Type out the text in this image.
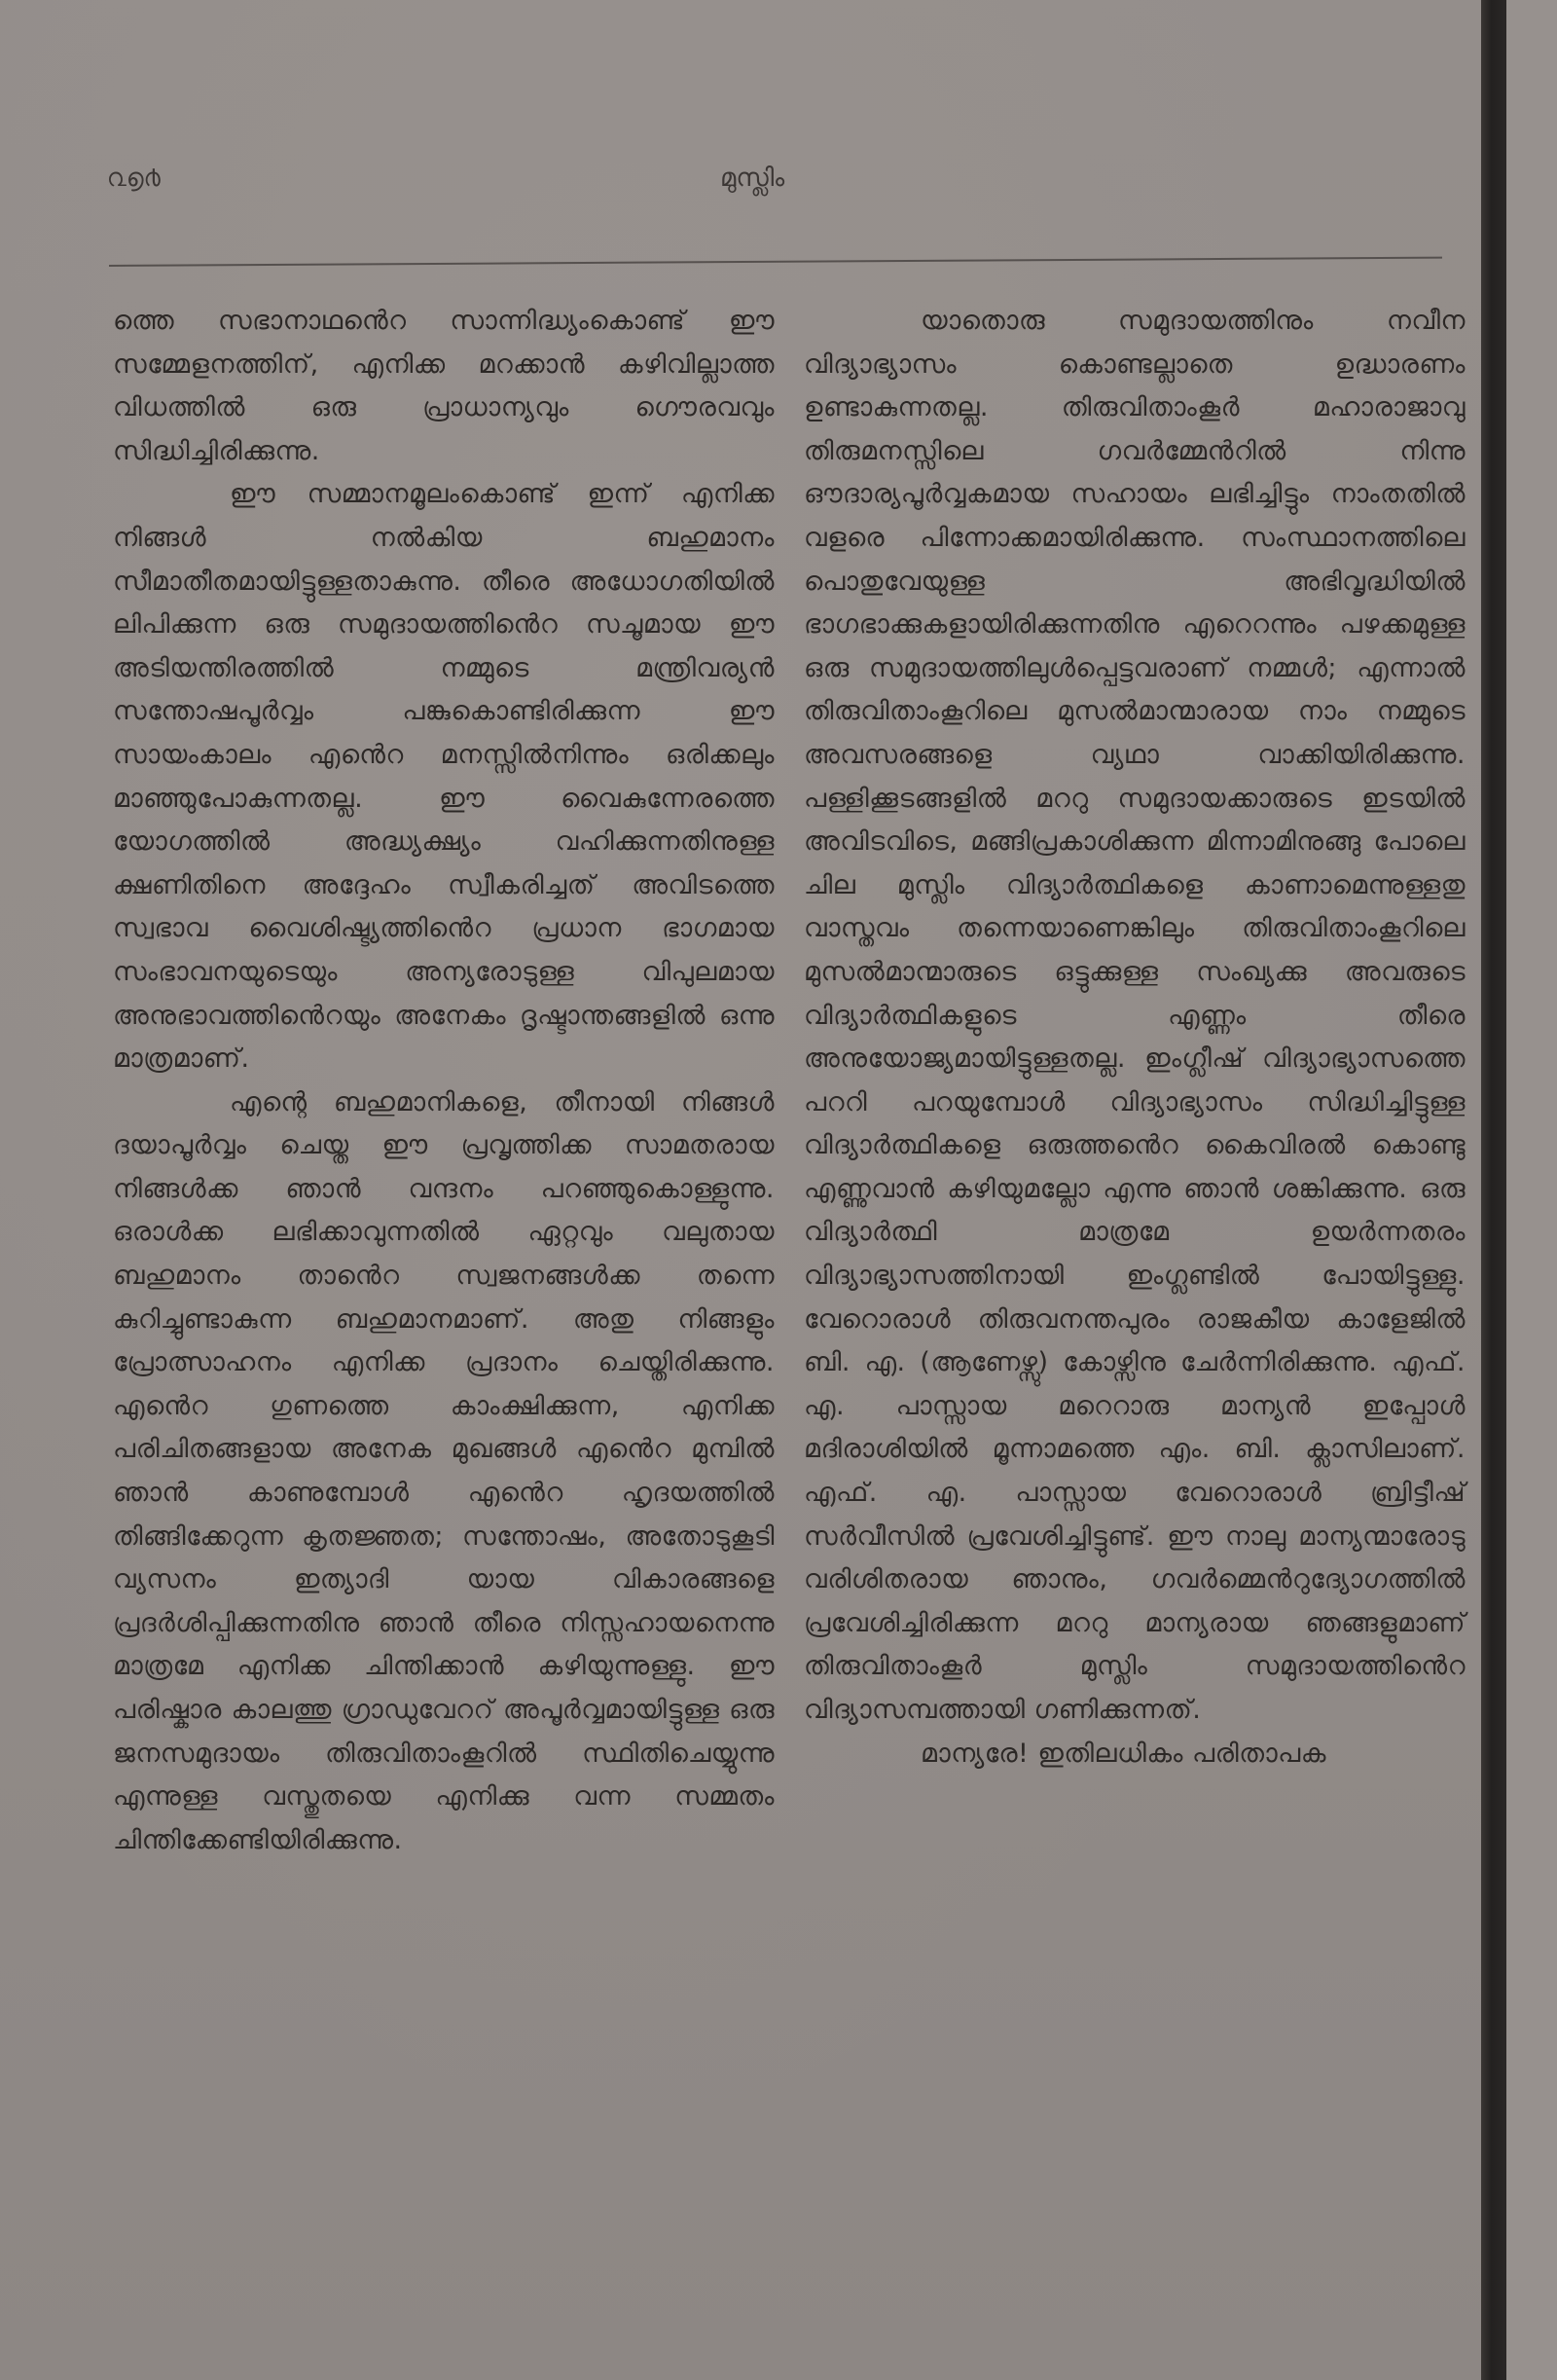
൨൭൪	മുസ്ലിം

ത്തെ സഭാനാഥൻെറ സാന്നിദ്ധ്യംകൊണ്ട് ഈ സമ്മേളനത്തിന്, എനിക്ക മറക്കാൻ കഴിവില്ലാത്ത വിധത്തിൽ ഒരു പ്രാധാന്യവും ഗൌരവവും സിദ്ധിച്ചിരിക്കുന്നു.

ഈ സമ്മാനമൂലംകൊണ്ട് ഇന്ന് എനിക്ക നിങ്ങൾ നൽകിയ ബഹുമാനം സീമാതീതമായിട്ടുള്ളതാകുന്നു. തീരെ അധോഗതിയിൽ ലിപിക്കുന്ന ഒരു സമുദായത്തിൻെറ സചൂമായ ഈ അടിയന്തിരത്തിൽ നമ്മുടെ മന്ത്രിവര്യൻ സന്തോഷപൂർവ്വം പങ്കുകൊണ്ടിരിക്കുന്ന ഈ സായംകാലം എൻെറ മനസ്സിൽനിന്നും ഒരിക്കലും മാഞ്ഞുപോകുന്നതല്ല. ഈ വൈകുന്നേരത്തെ യോഗത്തിൽ അദ്ധ്യക്ഷ്യം വഹിക്കുന്നതിനുള്ള ക്ഷണിതിനെ അദ്ദേഹം സ്വീകരിച്ചത് അവിടത്തെ സ്വഭാവ വൈശിഷ്ട്യത്തിൻെറ പ്രധാന ഭാഗമായ സംഭാവനയുടെയും അന്യരോടുള്ള വിപുലമായ അനുഭാവത്തിൻെറയും അനേകം ദൃഷ്ടാന്തങ്ങളിൽ ഒന്നു മാത്രമാണ്.

എന്റെ ബഹുമാനികളെ, തീനായി നിങ്ങൾ ദയാപൂർവ്വം ചെയ്ത ഈ പ്രവൃത്തിക്ക സാമതരായ നിങ്ങൾക്ക ഞാൻ വന്ദനം പറഞ്ഞുകൊള്ളുന്നു. ഒരാൾക്ക ലഭിക്കാവുന്നതിൽ ഏറ്റവും വലുതായ ബഹുമാനം താൻെറ സ്വജനങ്ങൾക്ക തന്നെ കുറിച്ചുണ്ടാകുന്ന ബഹുമാനമാണ്. അതു നിങ്ങളും പ്രോത്സാഹനം എനിക്ക പ്രദാനം ചെയ്തിരിക്കുന്നു. എൻെറ ഗുണത്തെ കാംക്ഷിക്കുന്ന, എനിക്ക പരിചിതങ്ങളായ അനേക മുഖങ്ങൾ എൻെറ മുമ്പിൽ ഞാൻ കാണുമ്പോൾ എൻെറ ഹൃദയത്തിൽ തിങ്ങിക്കേറുന്ന കൃതജ്ഞത; സന്തോഷം, അതോടുകൂടി വ്യസനം ഇത്യാദി യായ വികാരങ്ങളെ പ്രദർശിപ്പിക്കുന്നതിനു ഞാൻ തീരെ നിസ്സഹായനെന്നു മാത്രമേ എനിക്ക ചിന്തിക്കാൻ കഴിയുന്നുള്ളു. ഈ പരിഷ്കാര കാലത്തു ഗ്രാഡുവേററ് അപൂർവ്വമായിട്ടുള്ള ഒരു ജനസമുദായം തിരുവിതാംകൂറിൽ സ്ഥിതിചെയ്യുന്നു എന്നുള്ള വസ്തുതയെ എനിക്കു വന്ന സമ്മതം ചിന്തിക്കേണ്ടിയിരിക്കുന്നു.

യാതൊരു സമുദായത്തിനും നവീന വിദ്യാഭ്യാസം കൊണ്ടല്ലാതെ ഉദ്ധാരണം ഉണ്ടാകുന്നതല്ല. തിരുവിതാംകൂർ മഹാരാജാവു തിരുമനസ്സിലെ ഗവർമ്മേൻറിൽ നിന്നു ഔദാര്യപൂർവ്വകമായ സഹായം ലഭിച്ചിട്ടും നാംതതിൽ വളരെ പിന്നോക്കമായിരിക്കുന്നു. സംസ്ഥാനത്തിലെ പൊതുവേയുള്ള അഭിവൃദ്ധിയിൽ ഭാഗഭാക്കുകളായിരിക്കുന്നതിനു എറെറന്നും പഴക്കമുള്ള ഒരു സമുദായത്തിലുൾപ്പെട്ടവരാണ് നമ്മൾ; എന്നാൽ തിരുവിതാംകൂറിലെ മുസൽമാന്മാരായ നാം നമ്മുടെ അവസരങ്ങളെ വ്യഥാ വാക്കിയിരിക്കുന്നു. പള്ളിക്കൂടങ്ങളിൽ മററു സമുദായക്കാരുടെ ഇടയിൽ അവിടവിടെ, മങ്ങിപ്രകാശിക്കുന്ന മിന്നാമിനുങ്ങു പോലെ ചില മുസ്ലിം വിദ്യാർത്ഥികളെ കാണാമെന്നുള്ളതു വാസ്തവം തന്നെയാണെങ്കിലും തിരുവിതാംകൂറിലെ മുസൽമാന്മാരുടെ ഒട്ടുക്കുള്ള സംഖ്യക്കു അവരുടെ വിദ്യാർത്ഥികളുടെ എണ്ണം തീരെ അനുയോജ്യമായിട്ടുള്ളതല്ല. ഇംഗ്ലീഷ് വിദ്യാഭ്യാസത്തെ പററി പറയുമ്പോൾ വിദ്യാഭ്യാസം സിദ്ധിച്ചിട്ടുള്ള വിദ്യാർത്ഥികളെ ഒരുത്തൻെറ കൈവിരൽ കൊണ്ടു എണ്ണുവാൻ കഴിയുമല്ലോ എന്നു ഞാൻ ശങ്കിക്കുന്നു. ഒരു വിദ്യാർത്ഥി മാത്രമേ ഉയർന്നതരം വിദ്യാഭ്യാസത്തിനായി ഇംഗ്ലണ്ടിൽ പോയിട്ടുള്ളു. വേറൊരാൾ തിരുവനന്തപുരം രാജകീയ കാളേജിൽ ബി. എ. (ആണേഴ്സു) കോഴ്സിനു ചേർന്നിരിക്കുന്നു. എഫ്. എ. പാസ്സായ മറെറാരു മാന്യൻ ഇപ്പോൾ മദിരാശിയിൽ മൂന്നാമത്തെ എം. ബി. ക്ലാസിലാണ്. എഫ്. എ. പാസ്സായ വേറൊരാൾ ബ്രിട്ടീഷ് സർവീസിൽ പ്രവേശിച്ചിട്ടുണ്ട്. ഈ നാലു മാന്യന്മാരോടു വരിശിതരായ ഞാനും, ഗവർമ്മെൻറുദ്യോഗത്തിൽ പ്രവേശിച്ചിരിക്കുന്ന മററു മാന്യരായ ഞങ്ങളുമാണ് തിരുവിതാംകൂർ മുസ്ലിം സമുദായത്തിൻെറ വിദ്യാസമ്പത്തായി ഗണിക്കുന്നത്.

മാന്യരേ! ഇതിലധികം പരിതാപക
